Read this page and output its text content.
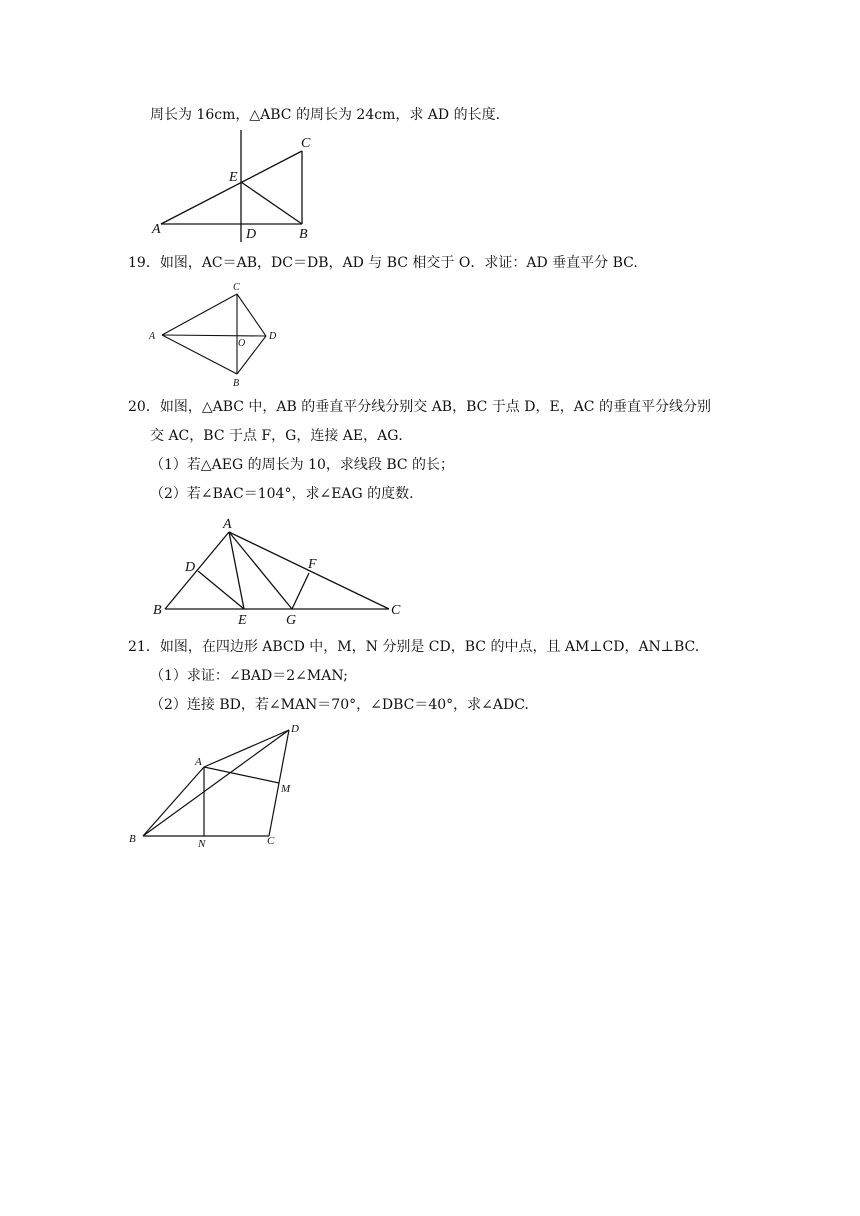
周长为 16cm，△ABC 的周长为 24cm，求 AD 的长度.
A	B
C
D
E
19．如图，AC＝AB，DC＝DB，AD 与 BC 相交于 O．求证：AD 垂直平分 BC.
A
B
C
D
O
20．如图，△ABC 中，AB 的垂直平分线分别交 AB，BC 于点 D，E，AC 的垂直平分线分别
交 AC，BC 于点 F，G，连接 AE，AG．
（1）若△AEG 的周长为 10，求线段 BC 的长；
（2）若∠BAC＝104°，求∠EAG 的度数.
A
B	C
D
E
F
G
21．如图，在四边形 ABCD 中，M，N 分别是 CD，BC 的中点，且 AM⊥CD，AN⊥BC.
（1）求证：∠BAD＝2∠MAN;
（2）连接 BD，若∠MAN＝70°，∠DBC＝40°，求∠ADC.
B
A
D
M
C
N
